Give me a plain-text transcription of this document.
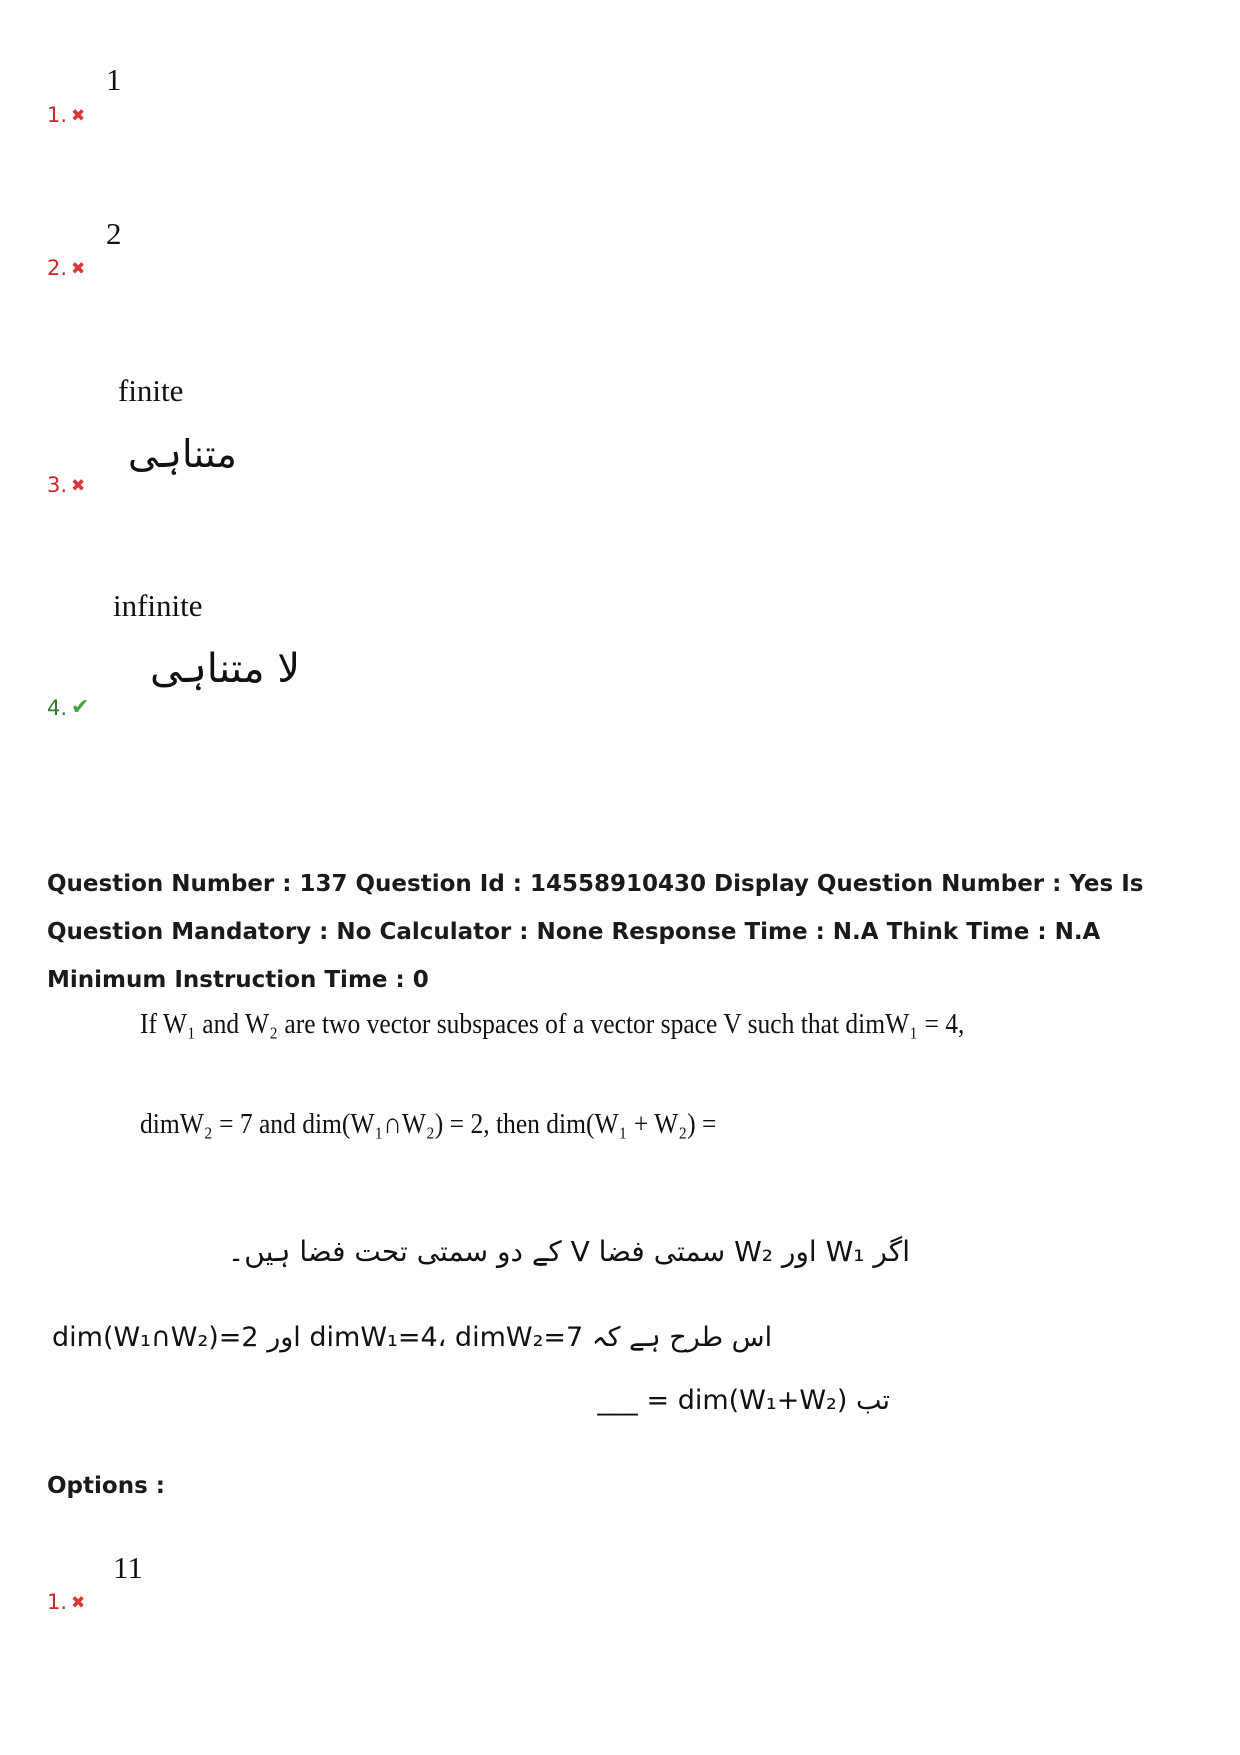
1
1. ✖
2
2. ✖
finite
متناہی
3. ✖
infinite
لا متناہی
4. ✔
Question Number : 137 Question Id : 14558910430 Display Question Number : Yes Is Question Mandatory : No Calculator : None Response Time : N.A Think Time : N.A Minimum Instruction Time : 0
If W₁ and W₂ are two vector subspaces of a vector space V such that dimW₁ = 4,
dimW₂ = 7 and dim(W₁∩W₂) = 2, then dim(W₁ + W₂) =
اگر W₁ اور W₂ سمتی فضا V کے دو سمتی تحت فضا ہیں۔
اس طرح ہے کہ dimW₁=4، dimW₂=7 اور dim(W₁∩W₂)=2
تب dim(W₁+W₂) = ___
Options :
11
1. ✖
